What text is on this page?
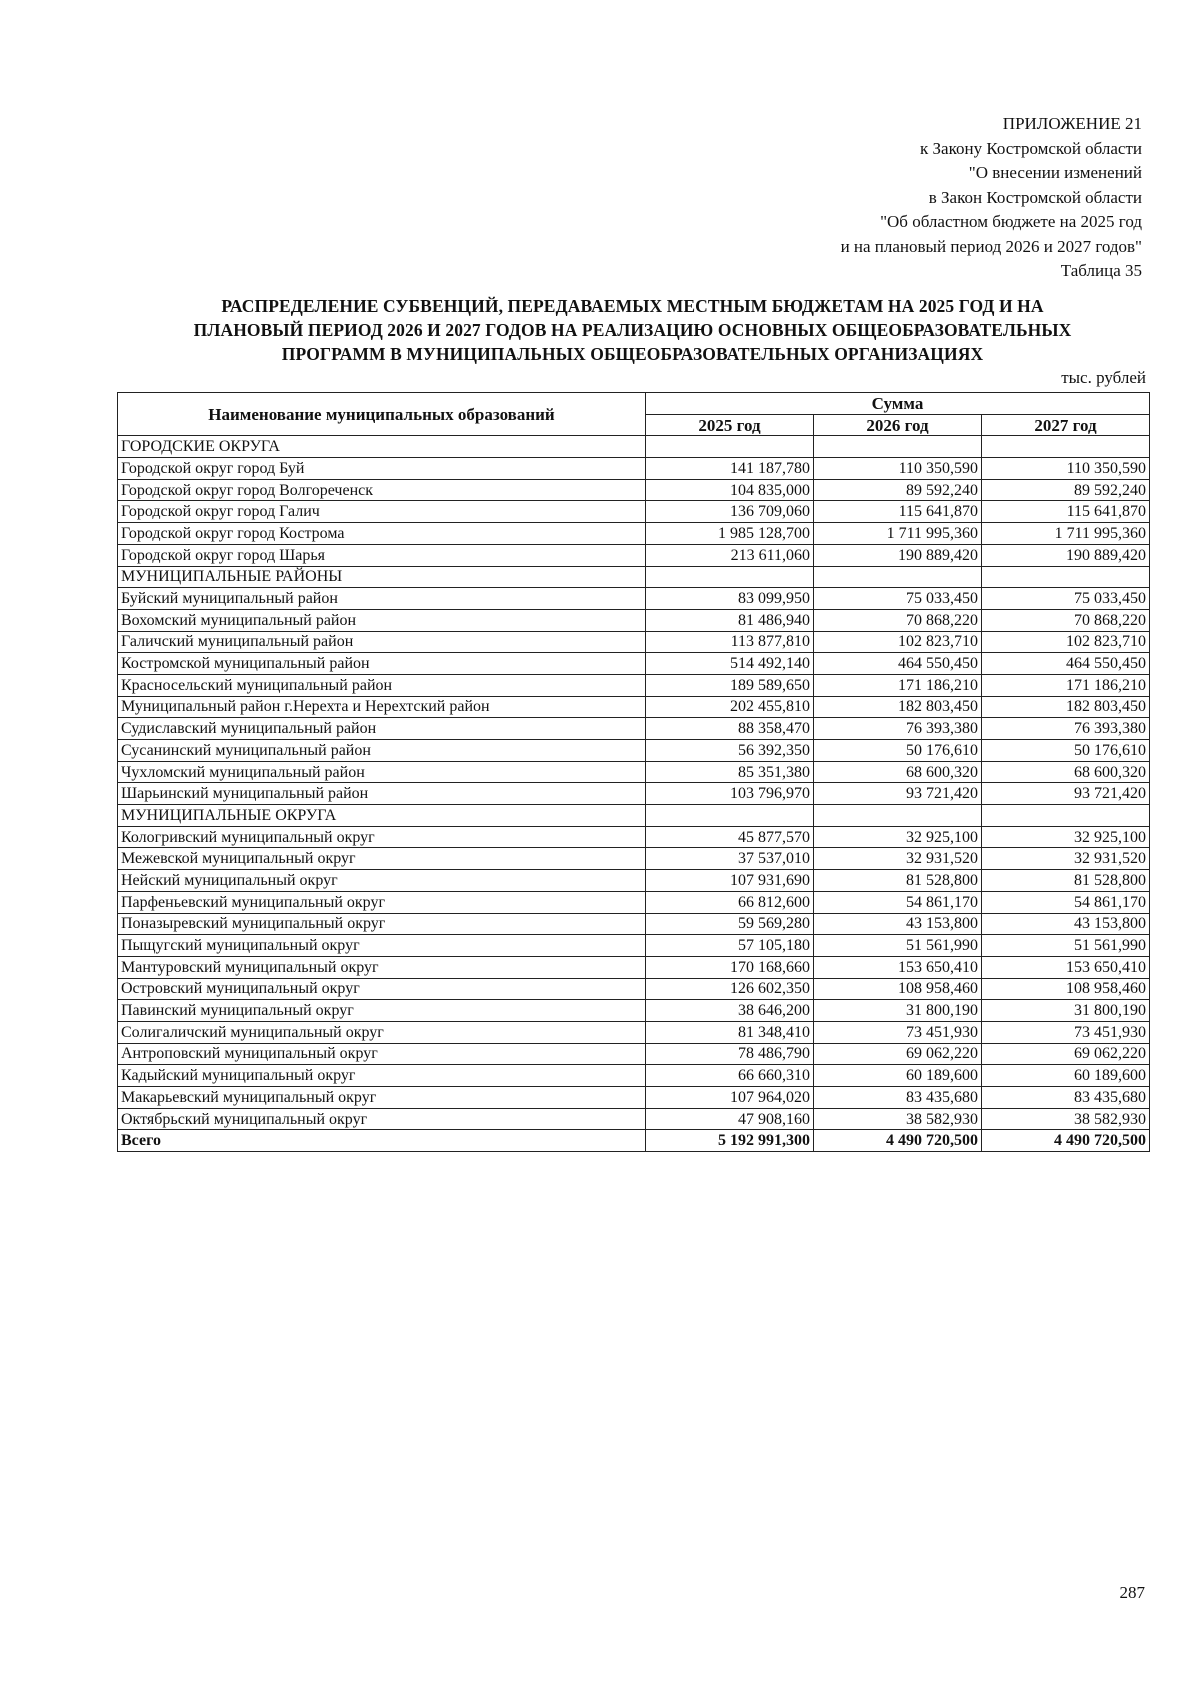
ПРИЛОЖЕНИЕ 21
к Закону Костромской области
"О внесении изменений
в Закон Костромской области
"Об областном бюджете на 2025 год
и на плановый период 2026 и 2027 годов"
Таблица 35
РАСПРЕДЕЛЕНИЕ СУБВЕНЦИЙ, ПЕРЕДАВАЕМЫХ МЕСТНЫМ БЮДЖЕТАМ НА 2025 ГОД И НА
ПЛАНОВЫЙ ПЕРИОД 2026 И 2027 ГОДОВ НА РЕАЛИЗАЦИЮ ОСНОВНЫХ ОБЩЕОБРАЗОВАТЕЛЬНЫХ
ПРОГРАММ В МУНИЦИПАЛЬНЫХ ОБЩЕОБРАЗОВАТЕЛЬНЫХ ОРГАНИЗАЦИЯХ
тыс. рублей
Наименование муниципальных образований	Сумма		
	2025 год	2026 год	2027 год
ГОРОДСКИЕ ОКРУГА			
Городской округ город Буй	141 187,780	110 350,590	110 350,590
Городской округ город Волгореченск	104 835,000	89 592,240	89 592,240
Городской округ город Галич	136 709,060	115 641,870	115 641,870
Городской округ город Кострома	1 985 128,700	1 711 995,360	1 711 995,360
Городской округ город Шарья	213 611,060	190 889,420	190 889,420
МУНИЦИПАЛЬНЫЕ РАЙОНЫ			
Буйский муниципальный район	83 099,950	75 033,450	75 033,450
Вохомский муниципальный район	81 486,940	70 868,220	70 868,220
Галичский муниципальный район	113 877,810	102 823,710	102 823,710
Костромской муниципальный район	514 492,140	464 550,450	464 550,450
Красносельский муниципальный район	189 589,650	171 186,210	171 186,210
Муниципальный район г.Нерехта и Нерехтский район	202 455,810	182 803,450	182 803,450
Судиславский муниципальный район	88 358,470	76 393,380	76 393,380
Сусанинский муниципальный район	56 392,350	50 176,610	50 176,610
Чухломский муниципальный район	85 351,380	68 600,320	68 600,320
Шарьинский муниципальный район	103 796,970	93 721,420	93 721,420
МУНИЦИПАЛЬНЫЕ ОКРУГА			
Кологривский муниципальный округ	45 877,570	32 925,100	32 925,100
Межевской муниципальный округ	37 537,010	32 931,520	32 931,520
Нейский муниципальный округ	107 931,690	81 528,800	81 528,800
Парфеньевский муниципальный округ	66 812,600	54 861,170	54 861,170
Поназыревский муниципальный округ	59 569,280	43 153,800	43 153,800
Пыщугский муниципальный округ	57 105,180	51 561,990	51 561,990
Мантуровский муниципальный округ	170 168,660	153 650,410	153 650,410
Островский муниципальный округ	126 602,350	108 958,460	108 958,460
Павинский муниципальный округ	38 646,200	31 800,190	31 800,190
Солигаличский муниципальный округ	81 348,410	73 451,930	73 451,930
Антроповский муниципальный округ	78 486,790	69 062,220	69 062,220
Кадыйский муниципальный округ	66 660,310	60 189,600	60 189,600
Макарьевский муниципальный округ	107 964,020	83 435,680	83 435,680
Октябрьский муниципальный округ	47 908,160	38 582,930	38 582,930
Всего	5 192 991,300	4 490 720,500	4 490 720,500
287
